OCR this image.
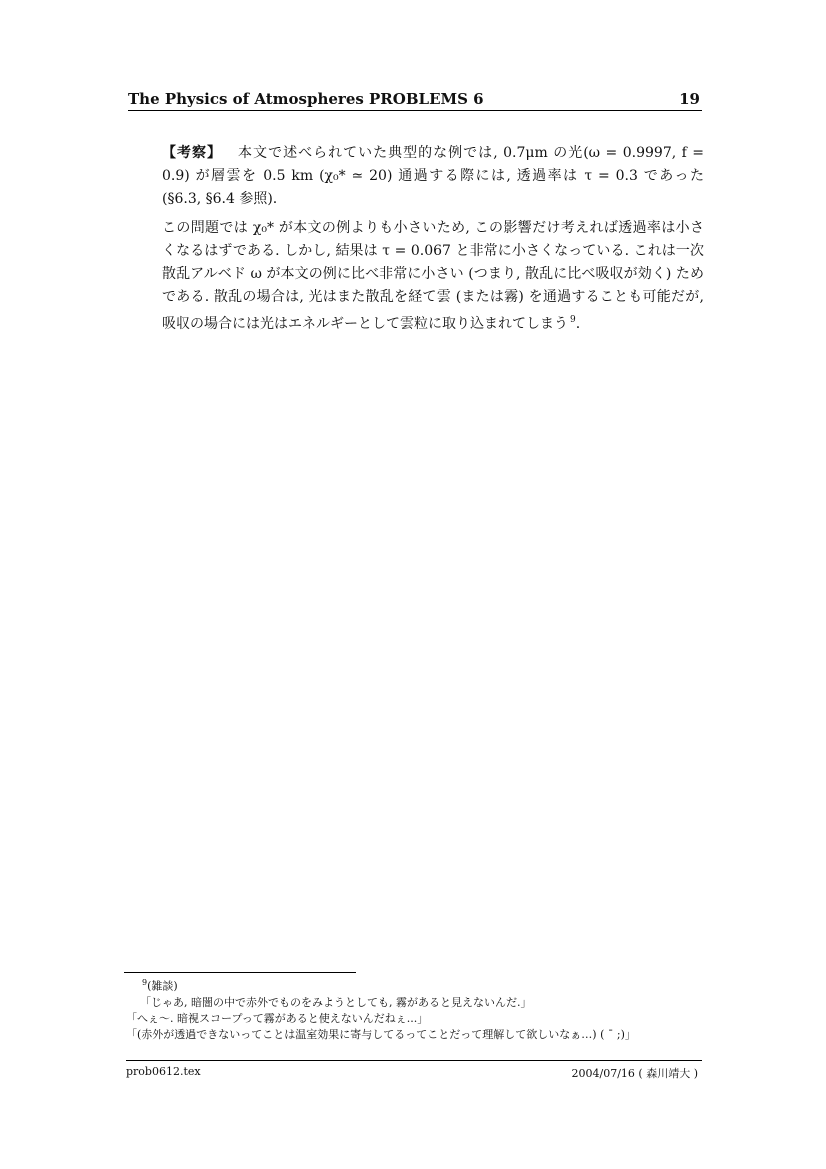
The Physics of Atmospheres PROBLEMS 6	19

【考察】 本文で述べられていた典型的な例では, 0.7μm の光(ω = 0.9997, f = 0.9) が層雲を 0.5 km (χ₀* ≃ 20) 通過する際には, 透過率は τ = 0.3 であった (§6.3, §6.4 参照).

この問題では χ₀* が本文の例よりも小さいため, この影響だけ考えれば透過率は小さくなるはずである. しかし, 結果は τ = 0.067 と非常に小さくなっている. これは一次散乱アルベド ω が本文の例に比べ非常に小さい (つまり, 散乱に比べ吸収が効く) ためである. 散乱の場合は, 光はまた散乱を経て雲 (または霧) を通過することも可能だが, 吸収の場合には光はエネルギーとして雲粒に取り込まれてしまう $^9$.

$^9$(雑談)
「じゃあ, 暗闇の中で赤外でものをみようとしても, 霧があると見えないんだ.」
「へぇ〜. 暗視スコープって霧があると使えないんだねぇ...」
「(赤外が透過できないってことは温室効果に寄与してるってことだって理解して欲しいなぁ…) ( ¯ ;)」
prob0612.tex	2004/07/16 ( 森川靖大 )
